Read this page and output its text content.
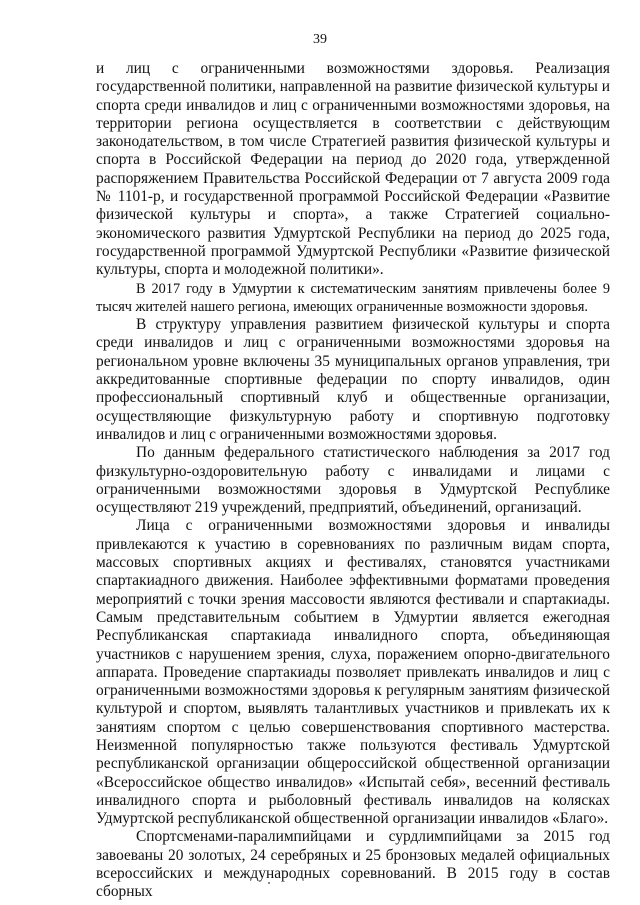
39

и лиц с ограниченными возможностями здоровья. Реализация государственной политики, направленной на развитие физической культуры и спорта среди инвалидов и лиц с ограниченными возможностями здоровья, на территории региона осуществляется в соответствии с действующим законодательством, в том числе Стратегией развития физической культуры и спорта в Российской Федерации на период до 2020 года, утвержденной распоряжением Правительства Российской Федерации от 7 августа 2009 года № 1101-р, и государственной программой Российской Федерации «Развитие физической культуры и спорта», а также Стратегией социально-экономического развития Удмуртской Республики на период до 2025 года, государственной программой Удмуртской Республики «Развитие физической культуры, спорта и молодежной политики».

В 2017 году в Удмуртии к систематическим занятиям привлечены более 9 тысяч жителей нашего региона, имеющих ограниченные возможности здоровья.

В структуру управления развитием физической культуры и спорта среди инвалидов и лиц с ограниченными возможностями здоровья на региональном уровне включены 35 муниципальных органов управления, три аккредитованные спортивные федерации по спорту инвалидов, один профессиональный спортивный клуб и общественные организации, осуществляющие физкультурную работу и спортивную подготовку инвалидов и лиц с ограниченными возможностями здоровья.

По данным федерального статистического наблюдения за 2017 год физкультурно-оздоровительную работу с инвалидами и лицами с ограниченными возможностями здоровья в Удмуртской Республике осуществляют 219 учреждений, предприятий, объединений, организаций.

Лица с ограниченными возможностями здоровья и инвалиды привлекаются к участию в соревнованиях по различным видам спорта, массовых спортивных акциях и фестивалях, становятся участниками спартакиадного движения. Наиболее эффективными форматами проведения мероприятий с точки зрения массовости являются фестивали и спартакиады. Самым представительным событием в Удмуртии является ежегодная Республиканская спартакиада инвалидного спорта, объединяющая участников с нарушением зрения, слуха, поражением опорно-двигательного аппарата. Проведение спартакиады позволяет привлекать инвалидов и лиц с ограниченными возможностями здоровья к регулярным занятиям физической культурой и спортом, выявлять талантливых участников и привлекать их к занятиям спортом с целью совершенствования спортивного мастерства. Неизменной популярностью также пользуются фестиваль Удмуртской республиканской организации общероссийской общественной организации «Всероссийское общество инвалидов» «Испытай себя», весенний фестиваль инвалидного спорта и рыболовный фестиваль инвалидов на колясках Удмуртской республиканской общественной организации инвалидов «Благо».

Спортсменами-паралимпийцами и сурдлимпийцами за 2015 год завоеваны 20 золотых, 24 серебряных и 25 бронзовых медалей официальных всероссийских и международных соревнований. В 2015 году в состав сборных
